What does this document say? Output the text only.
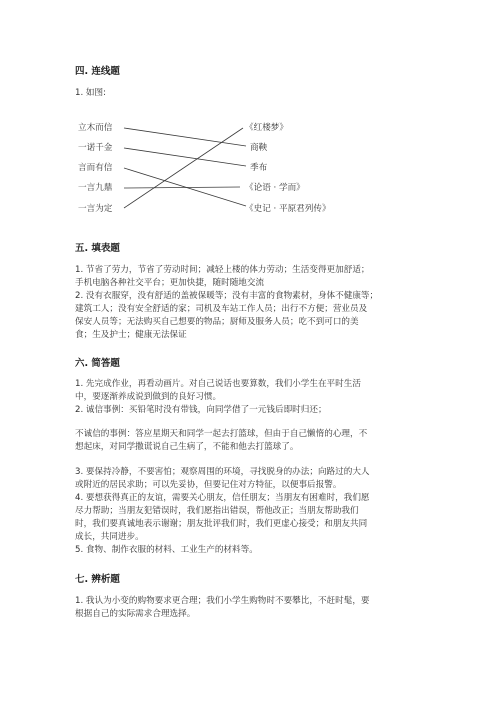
四. 连线题
1. 如图:
立木而信
一诺千金
言而有信
一言九鼎
一言为定
《红楼梦》
商鞅
季布
《论语 · 学而》
《史记 · 平原君列传》
五. 填表题
1. 节省了劳力，节省了劳动时间；减轻上楼的体力劳动；生活变得更加舒适；
手机电脑各种社交平台；更加快捷，随时随地交流
2. 没有衣服穿，没有舒适的盖被保暖等；没有丰富的食物素材，身体不健康等；
建筑工人；没有安全舒适的家；司机及车站工作人员；出行不方便；营业员及
保安人员等；无法购买自己想要的物品；厨师及服务人员；吃不到可口的美
食；生及护士；健康无法保证
六. 简答题
1. 先完成作业，再看动画片。对自己说话也要算数，我们小学生在平时生活
中，要逐渐养成说到做到的良好习惯。
2. 诚信事例：买铅笔时没有带钱，向同学借了一元钱后即时归还；
不诚信的事例：答应星期天和同学一起去打篮球，但由于自己懒惰的心理，不
想起床，对同学撒谎说自己生病了，不能和他去打篮球了。
3. 要保持冷静，不要害怕；观察周围的环境，寻找脱身的办法；向路过的大人
或附近的居民求助；可以先妥协，但要记住对方特征，以便事后报警。
4. 要想获得真正的友谊，需要关心朋友，信任朋友；当朋友有困难时，我们愿
尽力帮助；当朋友犯错误时，我们愿指出错误，帮他改正；当朋友帮助我们
时，我们要真诚地表示谢谢；朋友批评我们时，我们更虚心接受；和朋友共同
成长，共同进步。
5. 食物、制作衣服的材料、工业生产的材料等。
七. 辨析题
1. 我认为小变的购物要求更合理；我们小学生购物时不要攀比，不赶时髦，要
根据自己的实际需求合理选择。
